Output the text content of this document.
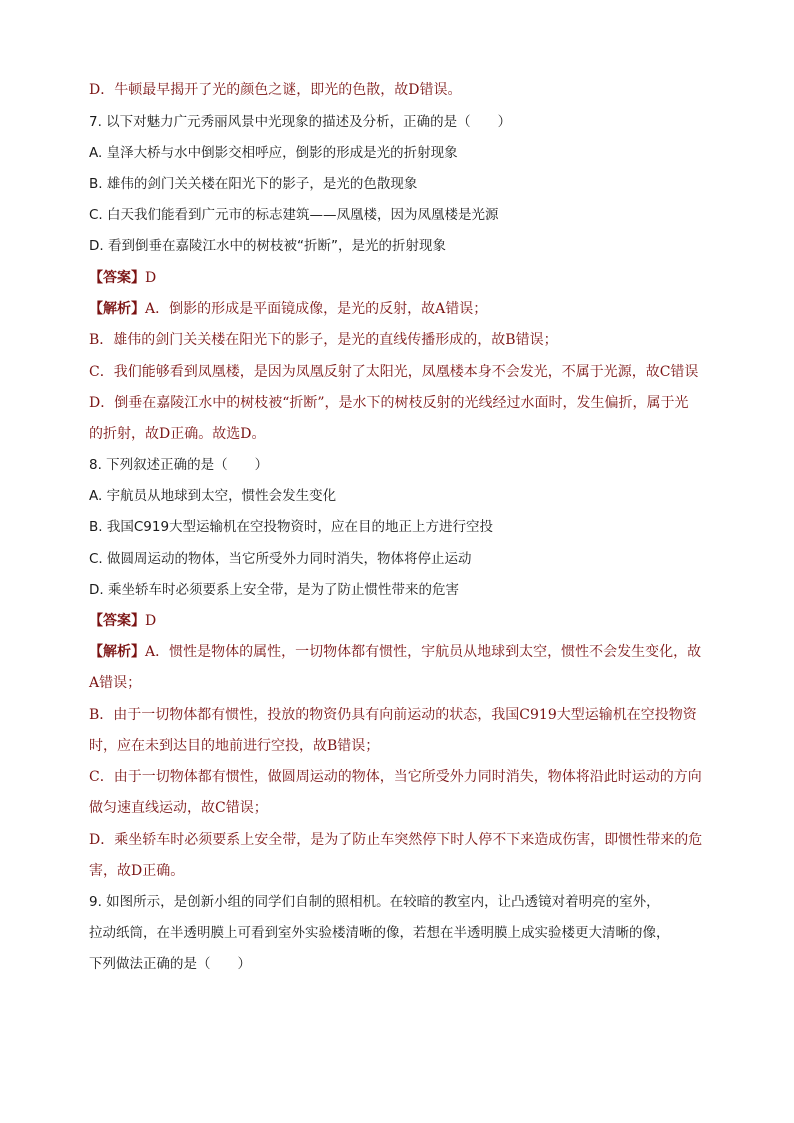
D．牛顿最早揭开了光的颜色之谜，即光的色散，故D错误。
7. 以下对魅力广元秀丽风景中光现象的描述及分析，正确的是（　　）
A. 皇泽大桥与水中倒影交相呼应，倒影的形成是光的折射现象
B. 雄伟的剑门关关楼在阳光下的影子，是光的色散现象
C. 白天我们能看到广元市的标志建筑——凤凰楼，因为凤凰楼是光源
D. 看到倒垂在嘉陵江水中的树枝被“折断”，是光的折射现象
【答案】D
【解析】A．倒影的形成是平面镜成像，是光的反射，故A错误；
B．雄伟的剑门关关楼在阳光下的影子，是光的直线传播形成的，故B错误；
C．我们能够看到凤凰楼，是因为凤凰反射了太阳光，凤凰楼本身不会发光，不属于光源，故C错误
D．倒垂在嘉陵江水中的树枝被“折断”，是水下的树枝反射的光线经过水面时，发生偏折，属于光
的折射，故D正确。故选D。
8. 下列叙述正确的是（　　）
A. 宇航员从地球到太空，惯性会发生变化
B. 我国C919大型运输机在空投物资时，应在目的地正上方进行空投
C. 做圆周运动的物体，当它所受外力同时消失，物体将停止运动
D. 乘坐轿车时必须要系上安全带，是为了防止惯性带来的危害
【答案】D
【解析】A．惯性是物体的属性，一切物体都有惯性，宇航员从地球到太空，惯性不会发生变化，故
A错误；
B．由于一切物体都有惯性，投放的物资仍具有向前运动的状态，我国C919大型运输机在空投物资
时，应在未到达目的地前进行空投，故B错误；
C．由于一切物体都有惯性，做圆周运动的物体，当它所受外力同时消失，物体将沿此时运动的方向
做匀速直线运动，故C错误；
D．乘坐轿车时必须要系上安全带，是为了防止车突然停下时人停不下来造成伤害，即惯性带来的危
害，故D正确。
9. 如图所示，是创新小组的同学们自制的照相机。在较暗的教室内，让凸透镜对着明亮的室外，
拉动纸筒，在半透明膜上可看到室外实验楼清晰的像，若想在半透明膜上成实验楼更大清晰的像，
下列做法正确的是（　　）
